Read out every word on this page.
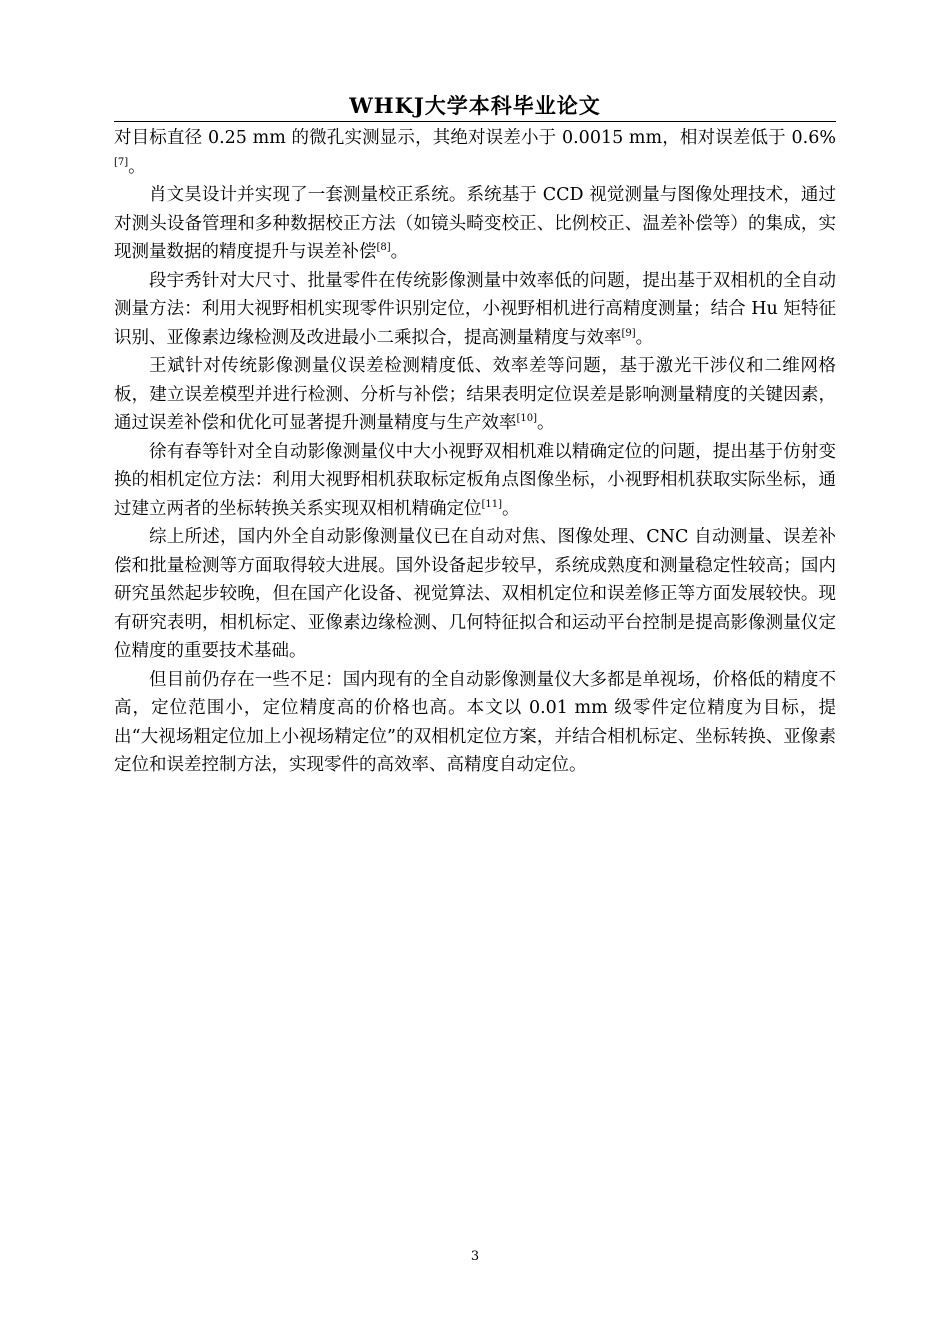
WHKJ大学本科毕业论文

对目标直径 0.25 mm 的微孔实测显示，其绝对误差小于 0.0015 mm，相对误差低于 0.6%[7]。

肖文昊设计并实现了一套测量校正系统。系统基于 CCD 视觉测量与图像处理技术，通过对测头设备管理和多种数据校正方法（如镜头畸变校正、比例校正、温差补偿等）的集成，实现测量数据的精度提升与误差补偿[8]。

段宇秀针对大尺寸、批量零件在传统影像测量中效率低的问题，提出基于双相机的全自动测量方法：利用大视野相机实现零件识别定位，小视野相机进行高精度测量；结合 Hu 矩特征识别、亚像素边缘检测及改进最小二乘拟合，提高测量精度与效率[9]。

王斌针对传统影像测量仪误差检测精度低、效率差等问题，基于激光干涉仪和二维网格板，建立误差模型并进行检测、分析与补偿；结果表明定位误差是影响测量精度的关键因素，通过误差补偿和优化可显著提升测量精度与生产效率[10]。

徐有春等针对全自动影像测量仪中大小视野双相机难以精确定位的问题，提出基于仿射变换的相机定位方法：利用大视野相机获取标定板角点图像坐标，小视野相机获取实际坐标，通过建立两者的坐标转换关系实现双相机精确定位[11]。

综上所述，国内外全自动影像测量仪已在自动对焦、图像处理、CNC 自动测量、误差补偿和批量检测等方面取得较大进展。国外设备起步较早，系统成熟度和测量稳定性较高；国内研究虽然起步较晚，但在国产化设备、视觉算法、双相机定位和误差修正等方面发展较快。现有研究表明，相机标定、亚像素边缘检测、几何特征拟合和运动平台控制是提高影像测量仪定位精度的重要技术基础。

但目前仍存在一些不足：国内现有的全自动影像测量仪大多都是单视场，价格低的精度不高，定位范围小，定位精度高的价格也高。本文以 0.01 mm 级零件定位精度为目标，提出“大视场粗定位加上小视场精定位”的双相机定位方案，并结合相机标定、坐标转换、亚像素定位和误差控制方法，实现零件的高效率、高精度自动定位。

3
